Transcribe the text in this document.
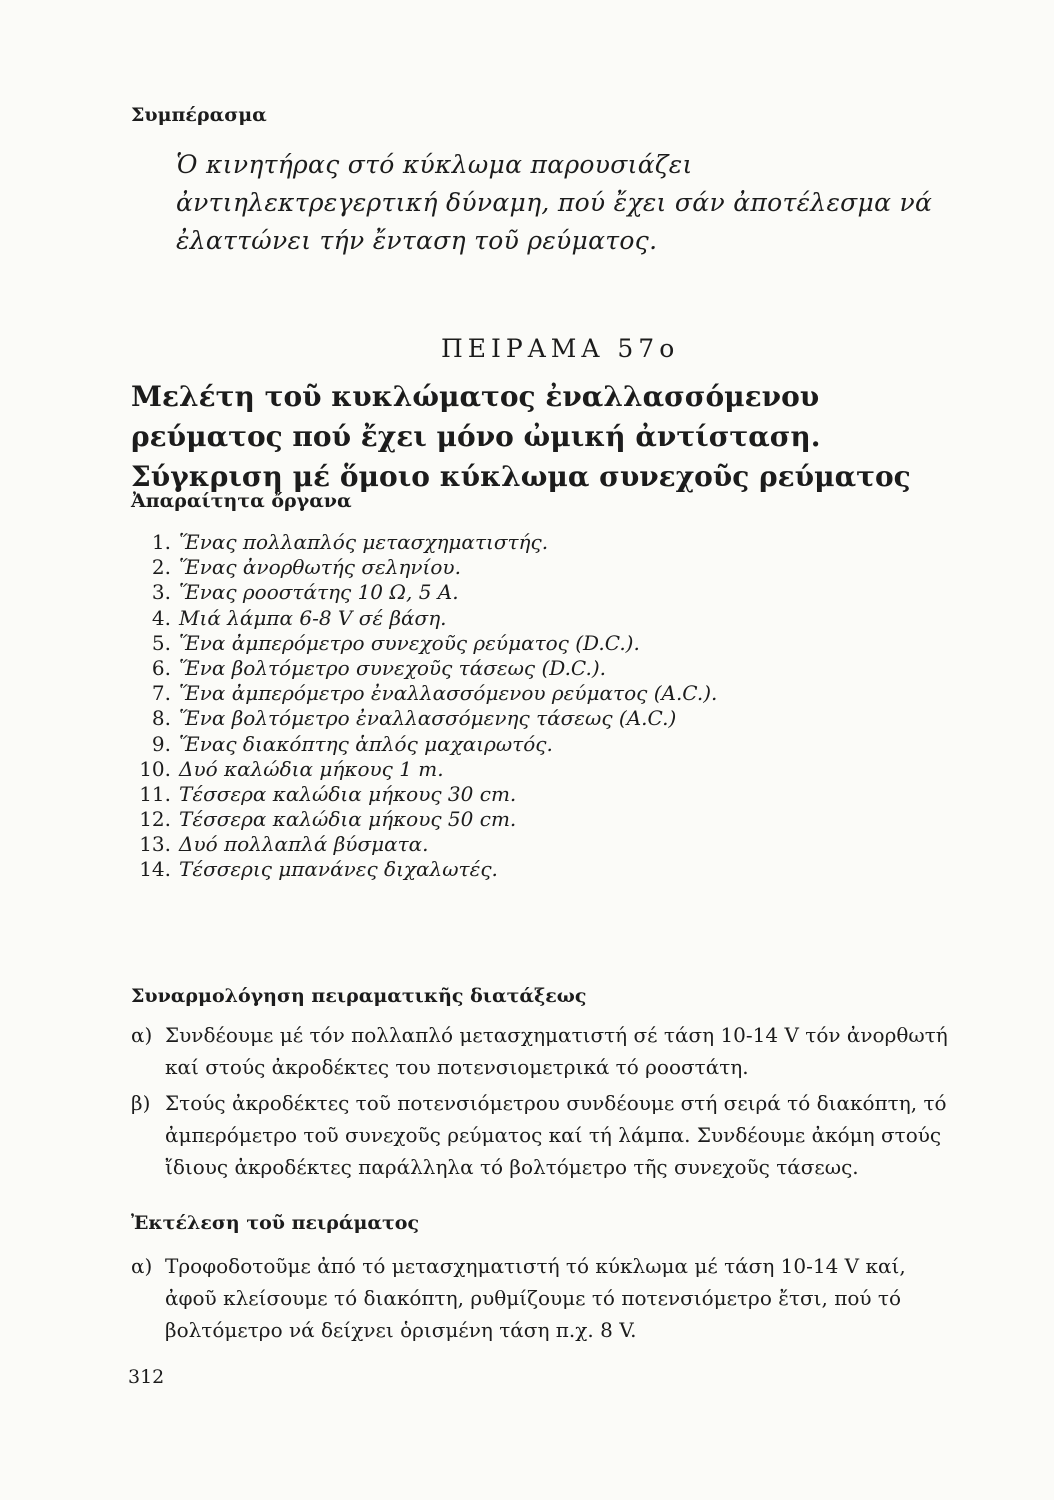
Συμπέρασμα
Ὁ κινητήρας στό κύκλωμα παρουσιάζει ἀντιηλεκτρεγερτική δύναμη, πού ἔχει σάν ἀποτέλεσμα νά ἐλαττώνει τήν ἔνταση τοῦ ρεύματος.
ΠΕΙΡΑΜΑ 57ο
Μελέτη τοῦ κυκλώματος ἐναλλασσόμενου ρεύματος πού ἔχει μόνο ὠμική ἀντίσταση. Σύγκριση μέ ὅμοιο κύκλωμα συνεχοῦς ρεύματος
Ἀπαραίτητα ὄργανα
1. Ἕνας πολλαπλός μετασχηματιστής.
2. Ἕνας ἀνορθωτής σεληνίου.
3. Ἕνας ροοστάτης 10 Ω, 5 A.
4. Μιά λάμπα 6-8 V σέ βάση.
5. Ἕνα ἀμπερόμετρο συνεχοῦς ρεύματος (D.C.).
6. Ἕνα βολτόμετρο συνεχοῦς τάσεως (D.C.).
7. Ἕνα ἀμπερόμετρο ἐναλλασσόμενου ρεύματος (A.C.).
8. Ἕνα βολτόμετρο ἐναλλασσόμενης τάσεως (A.C.)
9. Ἕνας διακόπτης ἁπλός μαχαιρωτός.
10. Δυό καλώδια μήκους 1 m.
11. Τέσσερα καλώδια μήκους 30 cm.
12. Τέσσερα καλώδια μήκους 50 cm.
13. Δυό πολλαπλά βύσματα.
14. Τέσσερις μπανάνες διχαλωτές.
Συναρμολόγηση πειραματικῆς διατάξεως
α) Συνδέουμε μέ τόν πολλαπλό μετασχηματιστή σέ τάση 10-14 V τόν ἀνορθωτή καί στούς ἀκροδέκτες του ποτενσιομετρικά τό ροοστάτη.
β) Στούς ἀκροδέκτες τοῦ ποτενσιόμετρου συνδέουμε στή σειρά τό διακόπτη, τό ἀμπερόμετρο τοῦ συνεχοῦς ρεύματος καί τή λάμπα. Συνδέουμε ἀκόμη στούς ἴδιους ἀκροδέκτες παράλληλα τό βολτόμετρο τῆς συνεχοῦς τάσεως.
Ἐκτέλεση τοῦ πειράματος
α) Τροφοδοτοῦμε ἀπό τό μετασχηματιστή τό κύκλωμα μέ τάση 10-14 V καί, ἀφοῦ κλείσουμε τό διακόπτη, ρυθμίζουμε τό ποτενσιόμετρο ἔτσι, πού τό βολτόμετρο νά δείχνει ὁρισμένη τάση π.χ. 8 V.
312
